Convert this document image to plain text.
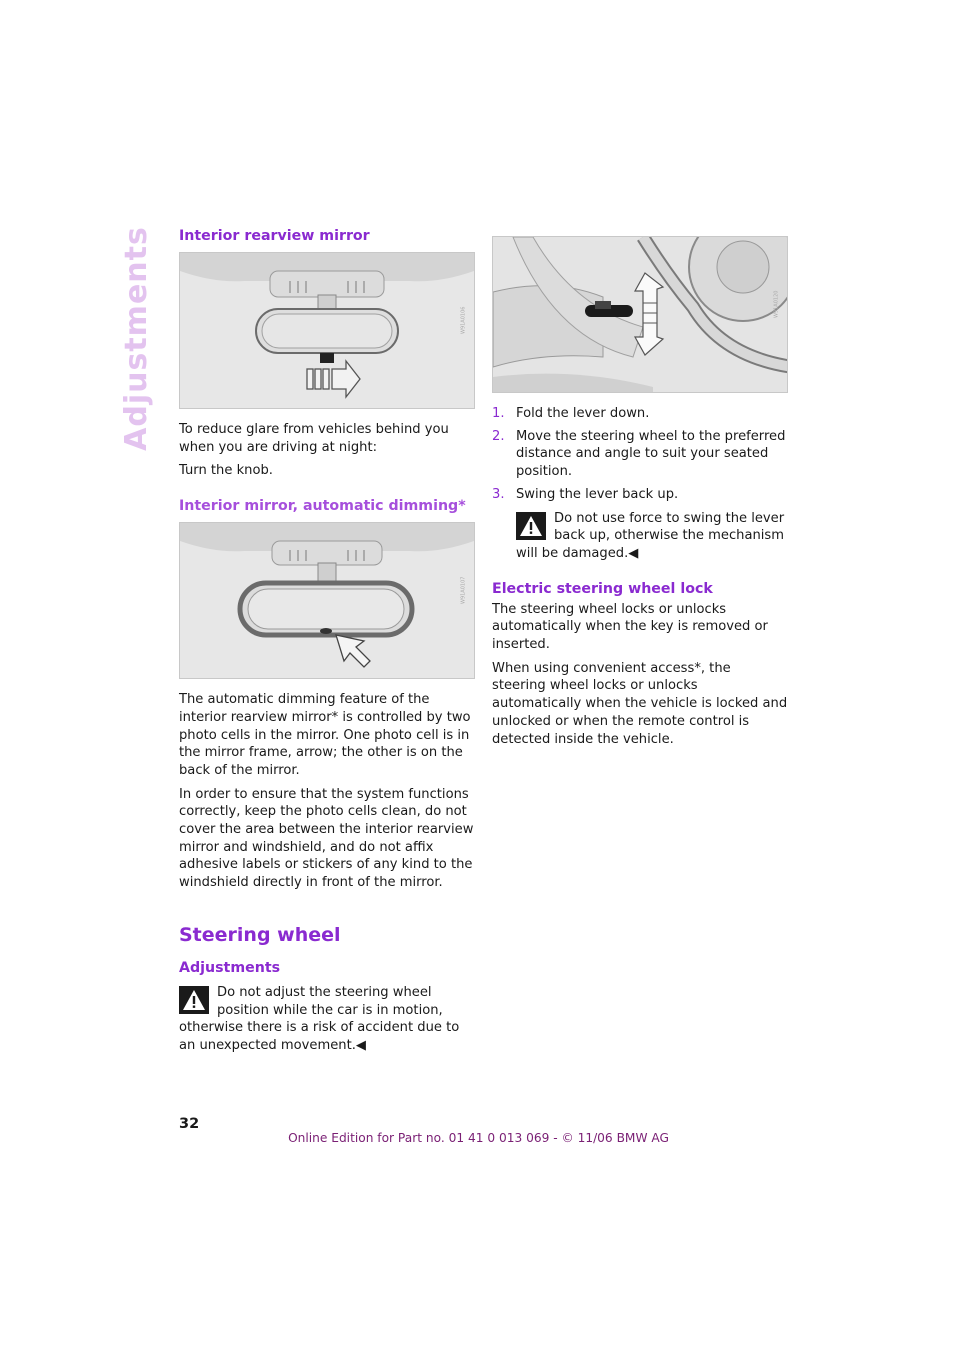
Adjustments Interior rearview mirror
W91A0106

To reduce glare from vehicles behind you when you are driving at night:

Turn the knob.

Interior mirror, automatic dimming*
W91A0107

The automatic dimming feature of the interior rearview mirror* is controlled by two photo cells in the mirror. One photo cell is in the mirror frame, arrow; the other is on the back of the mirror.

In order to ensure that the system functions correctly, keep the photo cells clean, do not cover the area between the interior rearview mirror and windshield, and do not affix adhesive labels or stickers of any kind to the windshield directly in front of the mirror.

Steering wheel
Adjustments

Do not adjust the steering wheel position while the car is in motion, otherwise there is a risk of accident due to an unexpected movement.◀

W91A0120
1. Fold the lever down.
2. Move the steering wheel to the preferred distance and angle to suit your seated position.
3. Swing the lever back up.

Do not use force to swing the lever back up, otherwise the mechanism will be damaged.◀

Electric steering wheel lock

The steering wheel locks or unlocks automatically when the key is removed or inserted.

When using convenient access*, the steering wheel locks or unlocks automatically when the vehicle is locked and unlocked or when the remote control is detected inside the vehicle.

32
Online Edition for Part no. 01 41 0 013 069 - © 11/06 BMW AG
